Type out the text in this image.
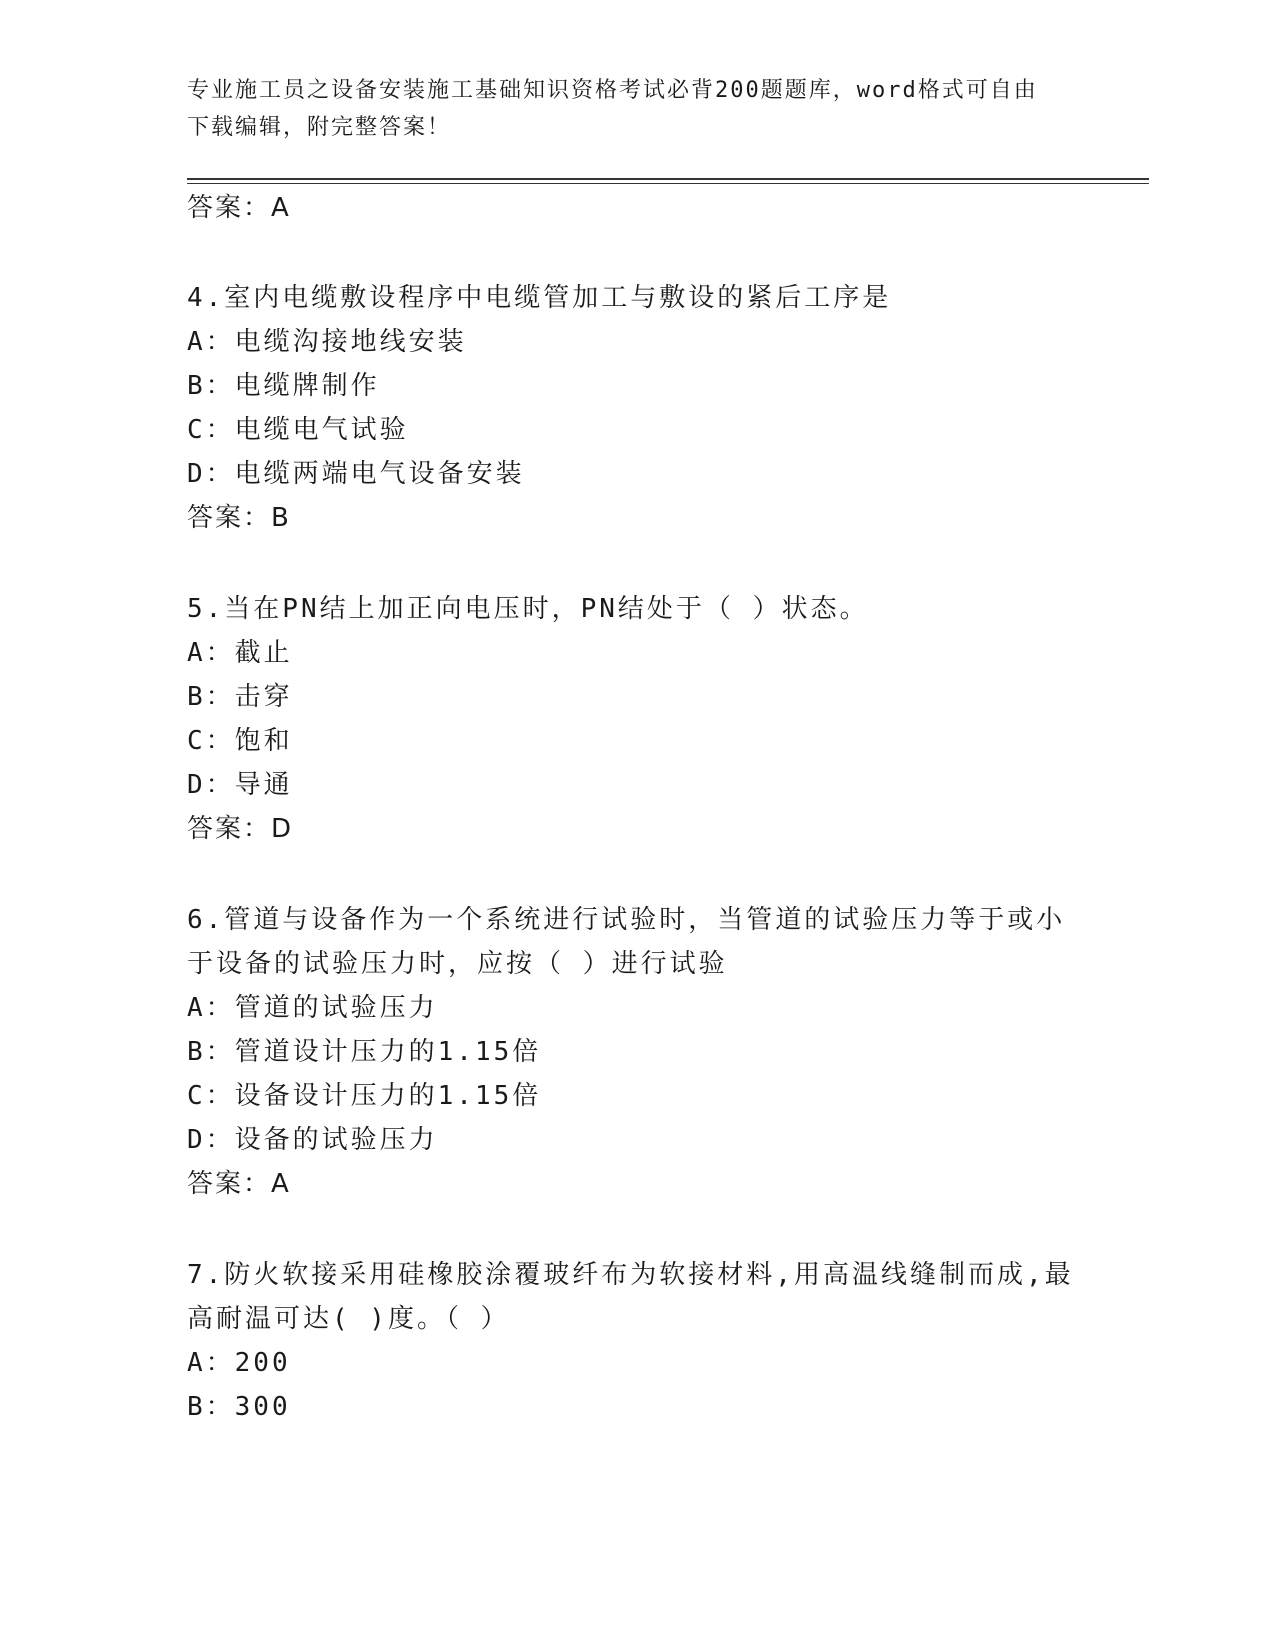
专业施工员之设备安装施工基础知识资格考试必背200题题库，word格式可自由
下载编辑，附完整答案！
答案：A
4.室内电缆敷设程序中电缆管加工与敷设的紧后工序是
A：电缆沟接地线安装
B：电缆牌制作
C：电缆电气试验
D：电缆两端电气设备安装
答案：B
5.当在PN结上加正向电压时，PN结处于（ ）状态。
A：截止
B：击穿
C：饱和
D：导通
答案：D
6.管道与设备作为一个系统进行试验时，当管道的试验压力等于或小
于设备的试验压力时，应按（ ）进行试验
A：管道的试验压力
B：管道设计压力的1.15倍
C：设备设计压力的1.15倍
D：设备的试验压力
答案：A
7.防火软接采用硅橡胶涂覆玻纤布为软接材料,用高温线缝制而成,最
高耐温可达( )度。（ ）
A：200
B：300
